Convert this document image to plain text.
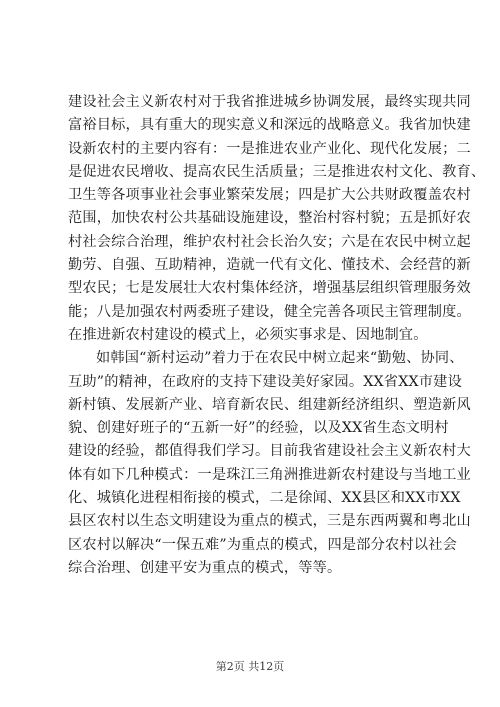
建设社会主义新农村对于我省推进城乡协调发展，最终实现共同
富裕目标，具有重大的现实意义和深远的战略意义。我省加快建
设新农村的主要内容有：一是推进农业产业化、现代化发展；二
是促进农民增收、提高农民生活质量；三是推进农村文化、教育、
卫生等各项事业社会事业繁荣发展；四是扩大公共财政覆盖农村
范围，加快农村公共基础设施建设，整治村容村貌；五是抓好农
村社会综合治理，维护农村社会长治久安；六是在农民中树立起
勤劳、自强、互助精神，造就一代有文化、懂技术、会经营的新
型农民；七是发展壮大农村集体经济，增强基层组织管理服务效
能；八是加强农村两委班子建设，健全完善各项民主管理制度。
在推进新农村建设的模式上，必须实事求是、因地制宜。
如韩国“新村运动”着力于在农民中树立起来“勤勉、协同、
互助”的精神，在政府的支持下建设美好家园。XX省XX市建设
新村镇、发展新产业、培育新农民、组建新经济组织、塑造新风
貌、创建好班子的“五新一好”的经验，以及XX省生态文明村
建设的经验，都值得我们学习。目前我省建设社会主义新农村大
体有如下几种模式：一是珠江三角洲推进新农村建设与当地工业
化、城镇化进程相衔接的模式，二是徐闻、XX县区和XX市XX
县区农村以生态文明建设为重点的模式，三是东西两翼和粤北山
区农村以解决“一保五难”为重点的模式，四是部分农村以社会
综合治理、创建平安为重点的模式，等等。
第2页 共12页
